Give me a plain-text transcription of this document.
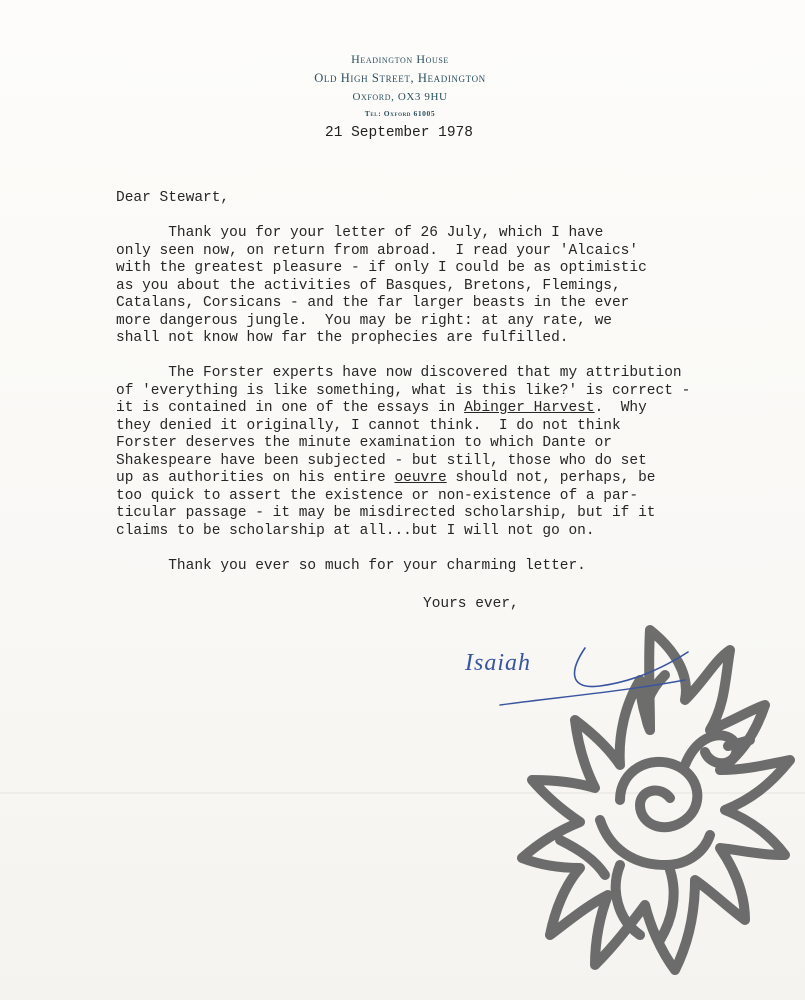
Headington House
Old High Street, Headington
Oxford, OX3 9HU
Tel: Oxford 61005
21 September 1978
Dear Stewart,

Thank you for your letter of 26 July, which I have
only seen now, on return from abroad.  I read your 'Alcaics'
with the greatest pleasure - if only I could be as optimistic
as you about the activities of Basques, Bretons, Flemings,
Catalans, Corsicans - and the far larger beasts in the ever
more dangerous jungle.  You may be right: at any rate, we
shall not know how far the prophecies are fulfilled.

The Forster experts have now discovered that my attribution
of 'everything is like something, what is this like?' is correct -
it is contained in one of the essays in Abinger Harvest.  Why
they denied it originally, I cannot think.  I do not think
Forster deserves the minute examination to which Dante or
Shakespeare have been subjected - but still, those who do set
up as authorities on his entire oeuvre should not, perhaps, be
too quick to assert the existence or non-existence of a par-
ticular passage - it may be misdirected scholarship, but if it
claims to be scholarship at all...but I will not go on.

Thank you ever so much for your charming letter.
Yours ever,
Isaiah
